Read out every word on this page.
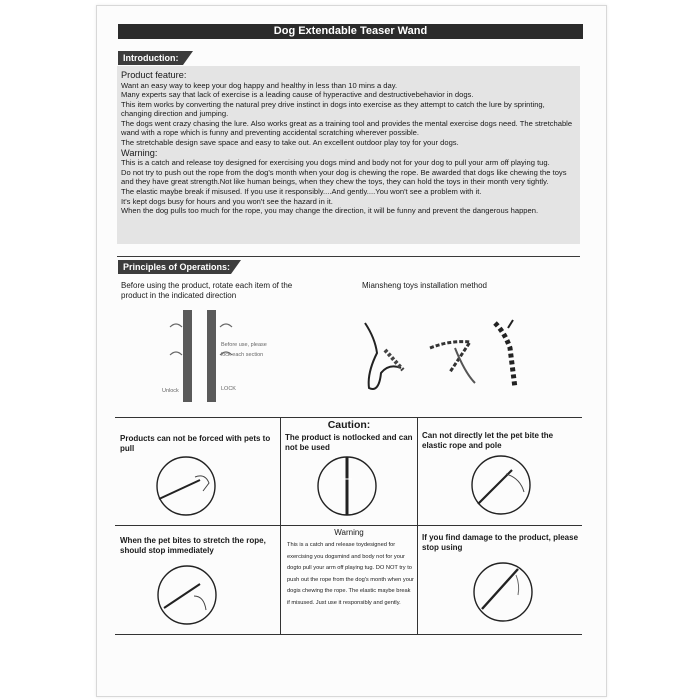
Dog Extendable Teaser Wand
Introduction:

Product feature:

Want an easy way to keep your dog happy and healthy in less than 10 mins a day.

Many experts say that lack of exercise is a leading cause of hyperactive and destructivebehavior in dogs.

This item works by converting the natural prey drive instinct in dogs into exercise as they attempt to catch the lure by sprinting, changing direction and jumping.

The dogs went crazy chasing the lure. Also works great as a training tool and provides the mental exercise dogs need. The stretchable wand with a rope which is funny and preventing accidental scratching wherever possible.

The stretchable design save space and easy to take out. An excellent outdoor play toy for your dogs.

Warning:

This is a catch and release toy designed for exercising you dogs mind and body not for your dog to pull your arm off playing tug.

Do not try to push out the rope from the dog's month when your dog is chewing the rope. Be awarded that dogs like chewing the toys and they have great strength.Not like human beings, when they chew the toys, they can hold the toys in their month very tightly.

The elastic maybe break if misused. If you use it responsibly....And gently....You won't see a problem with it.

It's kept dogs busy for hours and you won't see the hazard in it.

When the dog pulls too much for the rope, you may change the direction, it will be funny and prevent the dangerous happen.

Principles of Operations:
Before using the product, rotate each item of the product in the indicated direction
Miansheng toys installation method
Before use, please lock each section
Unlock	LOCK
Caution:
Products can not be forced with pets to pull
The product is notlocked and can not be used
Can not directly let the pet bite the elastic rope and pole
When the pet bites to stretch the rope, should stop immediately
If you find damage to the product, please stop using
Warning
This is a catch and release toydesigned for exercising you dogsmind and body not for your dogto pull your arm off playing tug. DO NOT try to push out the rope from the dog's month when your dogis chewing the rope. The elastic maybe break if misused. Just use it responsibly and gently.
